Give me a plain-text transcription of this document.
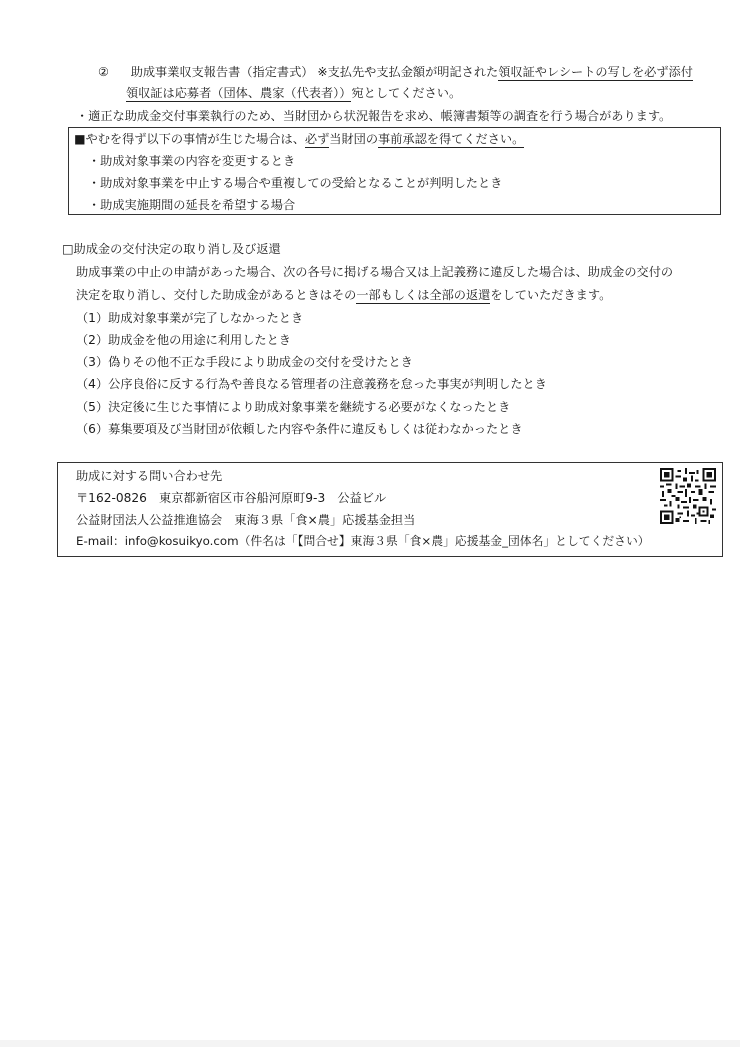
② 助成事業収支報告書（指定書式） ※支払先や支払金額が明記された領収証やレシートの写しを必ず添付
領収証は応募者（団体、農家（代表者））宛としてください。
・適正な助成金交付事業執行のため、当財団から状況報告を求め、帳簿書類等の調査を行う場合があります。
■やむを得ず以下の事情が生じた場合は、必ず当財団の事前承認を得てください。
・助成対象事業の内容を変更するとき
・助成対象事業を中止する場合や重複しての受給となることが判明したとき
・助成実施期間の延長を希望する場合
□助成金の交付決定の取り消し及び返還
助成事業の中止の申請があった場合、次の各号に掲げる場合又は上記義務に違反した場合は、助成金の交付の
決定を取り消し、交付した助成金があるときはその一部もしくは全部の返還をしていただきます。
（1）助成対象事業が完了しなかったとき
（2）助成金を他の用途に利用したとき
（3）偽りその他不正な手段により助成金の交付を受けたとき
（4）公序良俗に反する行為や善良なる管理者の注意義務を怠った事実が判明したとき
（5）決定後に生じた事情により助成対象事業を継続する必要がなくなったとき
（6）募集要項及び当財団が依頼した内容や条件に違反もしくは従わなかったとき
助成に対する問い合わせ先
〒162-0826　東京都新宿区市谷船河原町9-3　公益ビル
公益財団法人公益推進協会　東海３県「食×農」応援基金担当
E-mail：info@kosuikyo.com（件名は「【問合せ】東海３県「食×農」応援基金_団体名」としてください）
